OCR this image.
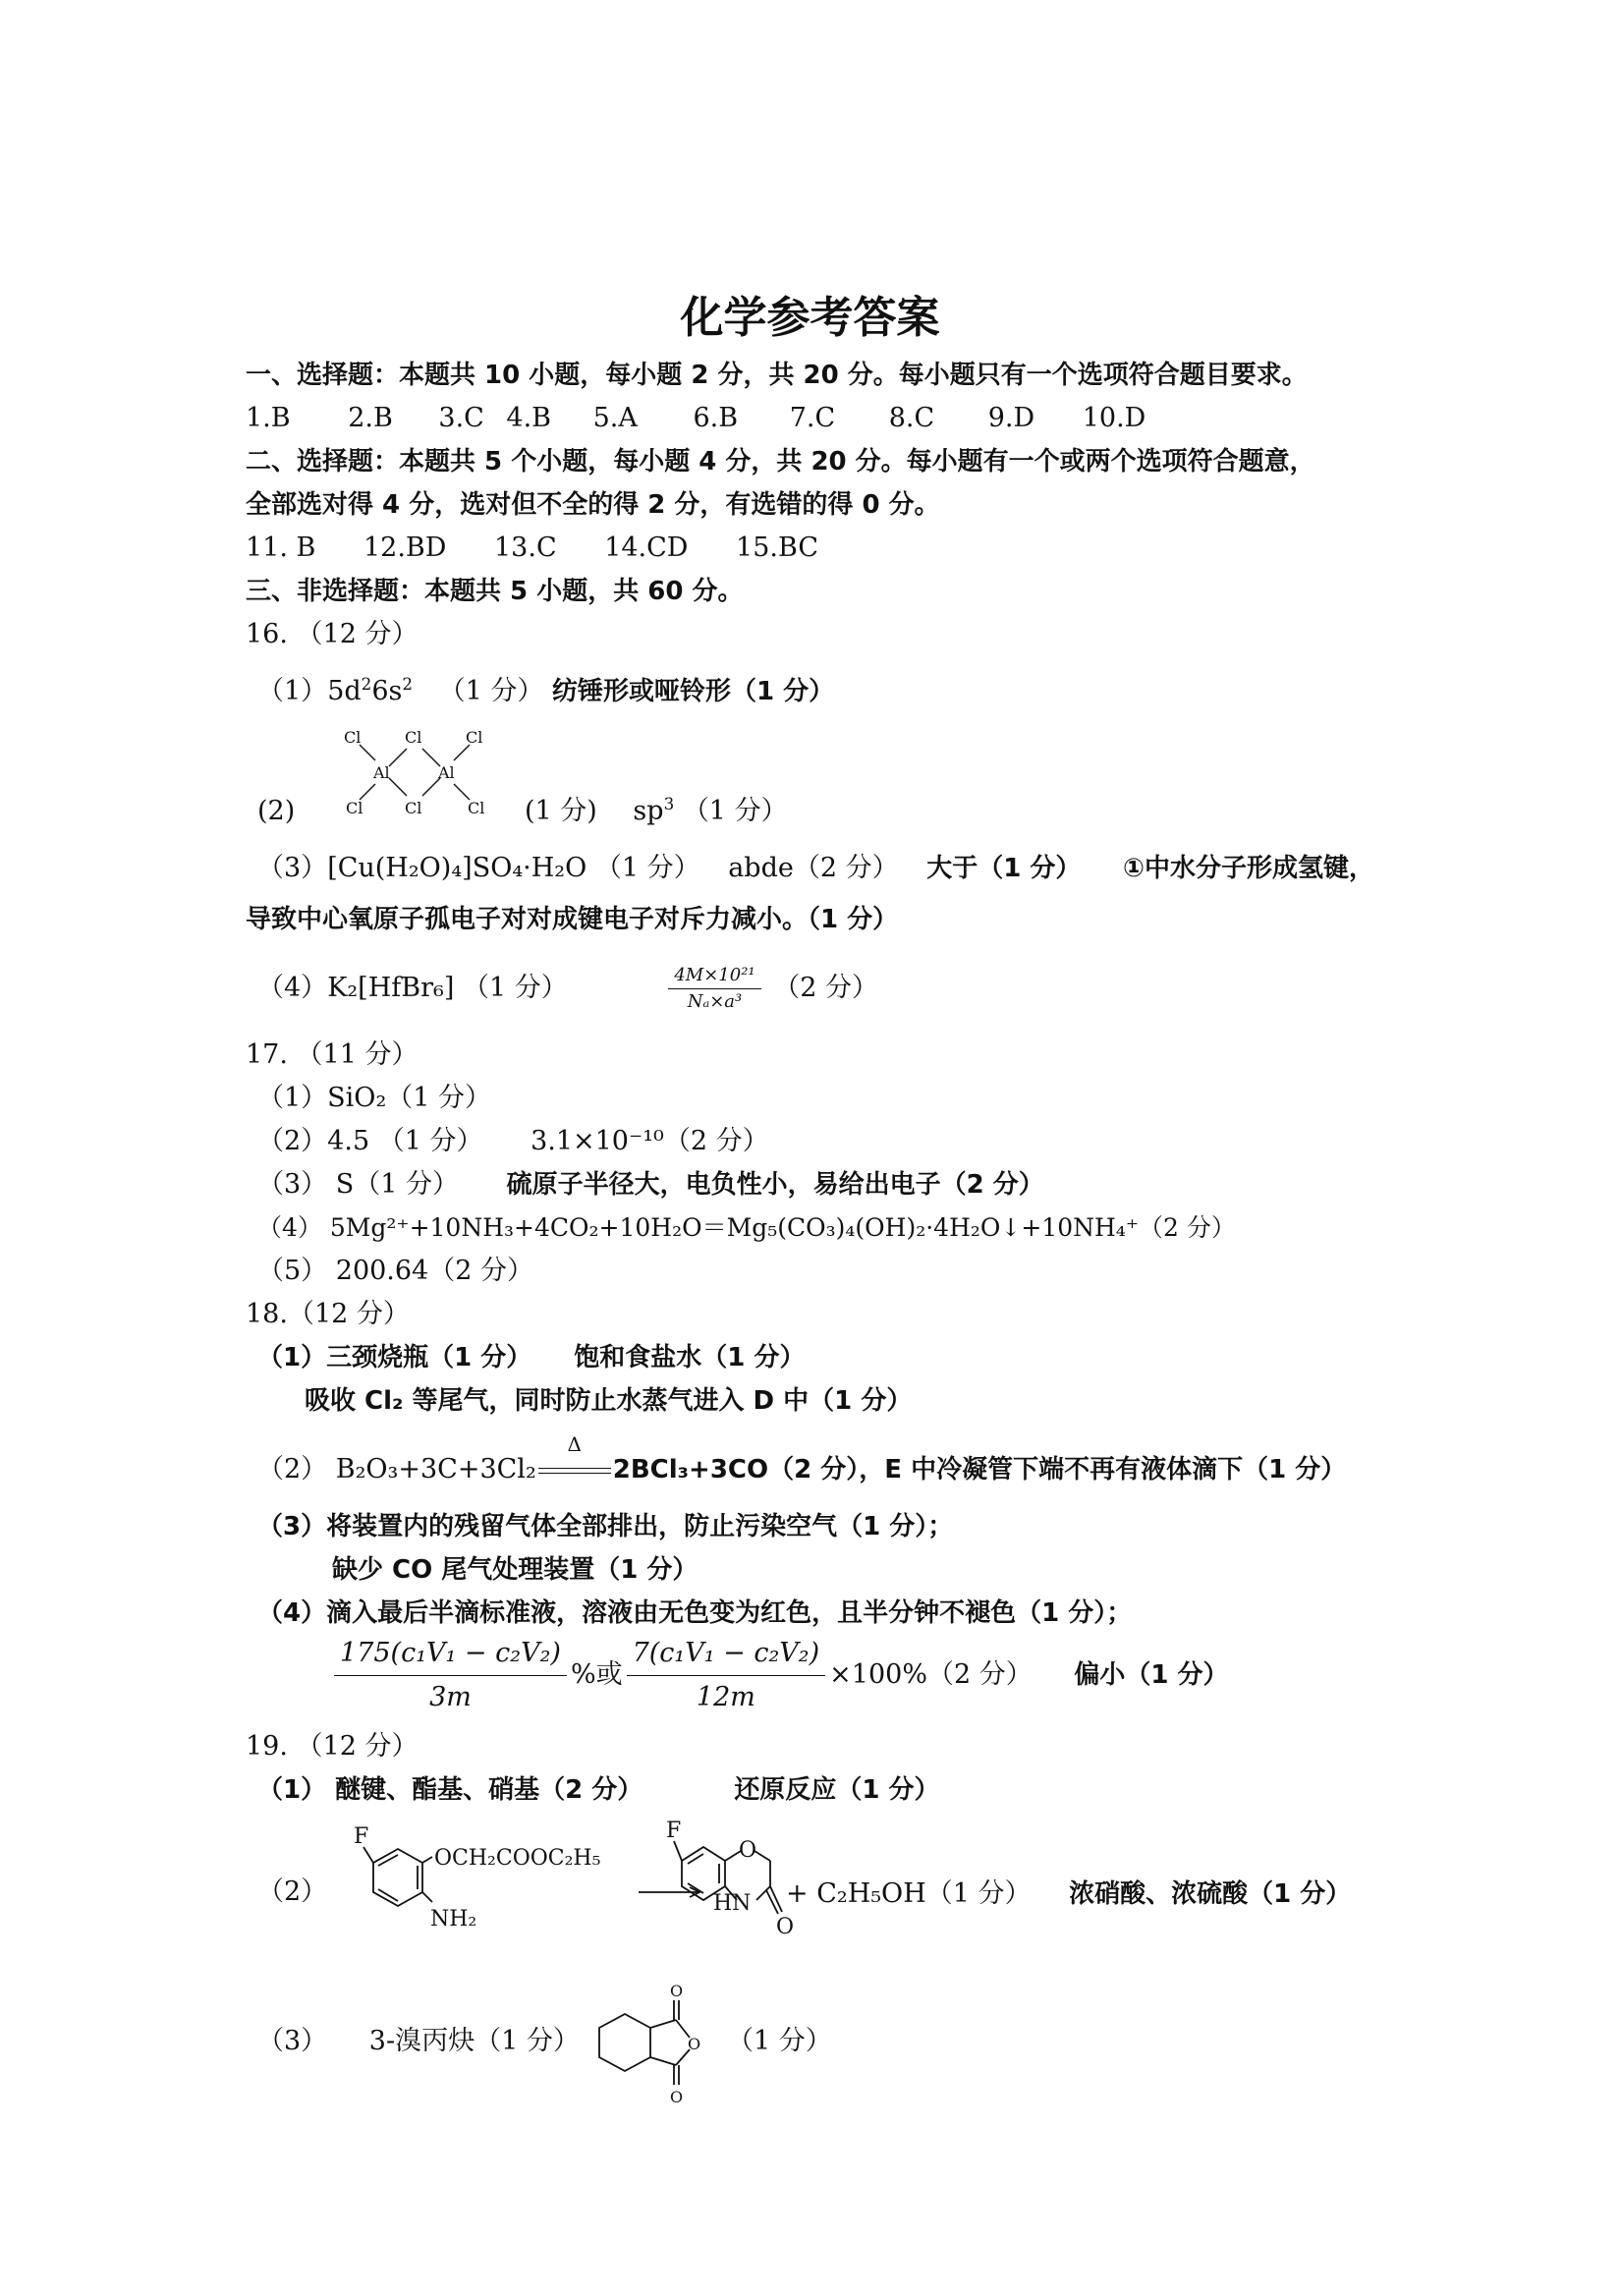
化学参考答案
一、选择题：本题共 10 小题，每小题 2 分，共 20 分。每小题只有一个选项符合题目要求。
1.B 2.B 3.C 4.B 5.A 6.B 7.C 8.C 9.D 10.D
二、选择题：本题共 5 个小题，每小题 4 分，共 20 分。每小题有一个或两个选项符合题意，
全部选对得 4 分，选对但不全的得 2 分，有选错的得 0 分。
11. B 12.BD 13.C 14.CD 15.BC
三、非选择题：本题共 5 小题，共 60 分。
16. （12 分）
$(1)5d^26s^2$ （1 分） 纺锤形或哑铃形（1 分）
Cl	Cl	Cl
Al	Al
Cl	Cl	Cl
(2)	(1 分) $sp^3$ （1 分）
（3）[Cu(H₂O)₄]SO₄·H₂O （1 分） abde（2 分） 大于（1 分） ①中水分子形成氢键，
导致中心氧原子孤电子对对成键电子对斥力减小。（1 分）
（4）K₂[HfBr₆] （1 分）	$\frac{\text{4M×10²¹}}{\text{Nₐ×a³}} (2$ 分）
17. （11 分）
（1）SiO₂（1 分）
（2）4.5 （1 分） 3.1×10⁻¹⁰（2 分）
（3） S（1 分） 硫原子半径大，电负性小，易给出电子（2 分）
（4） 5Mg²⁺+10NH₃+4CO₂+10H₂O＝Mg₅(CO₃)₄(OH)₂·4H₂O↓+10NH₄⁺（2 分）
（5） 200.64（2 分）
18.（12 分）
（1）三颈烧瓶（1 分） 饱和食盐水（1 分）
吸收 Cl₂ 等尾气，同时防止水蒸气进入 D 中（1 分）
（2） B₂O₃+3C+3Cl₂
Δ
2BCl₃+3CO（2 分），E 中冷凝管下端不再有液体滴下（1 分）
（3）将装置内的残留气体全部排出，防止污染空气（1 分）；
缺少 CO 尾气处理装置（1 分）
（4）滴入最后半滴标准液，溶液由无色变为红色，且半分钟不褪色（1 分）；
$\frac{\text{175(c₁V₁ − c₂V₂)}}{3m}$ %或 $\frac{\text{7(c₁V₁ − c₂V₂)}}{12m} \times 100\%(2$ 分） 偏小（1 分）
19. （12 分）
（1） 醚键、酯基、硝基（2 分）	还原反应（1 分）
（2）
F
OCH₂COOC₂H₅
NH₂
F
O
HN
O
+ C₂H₅OH（1 分） 浓硝酸、浓硫酸（1 分）
（3） 3-溴丙炔（1 分）
O
O
O
（1 分）
